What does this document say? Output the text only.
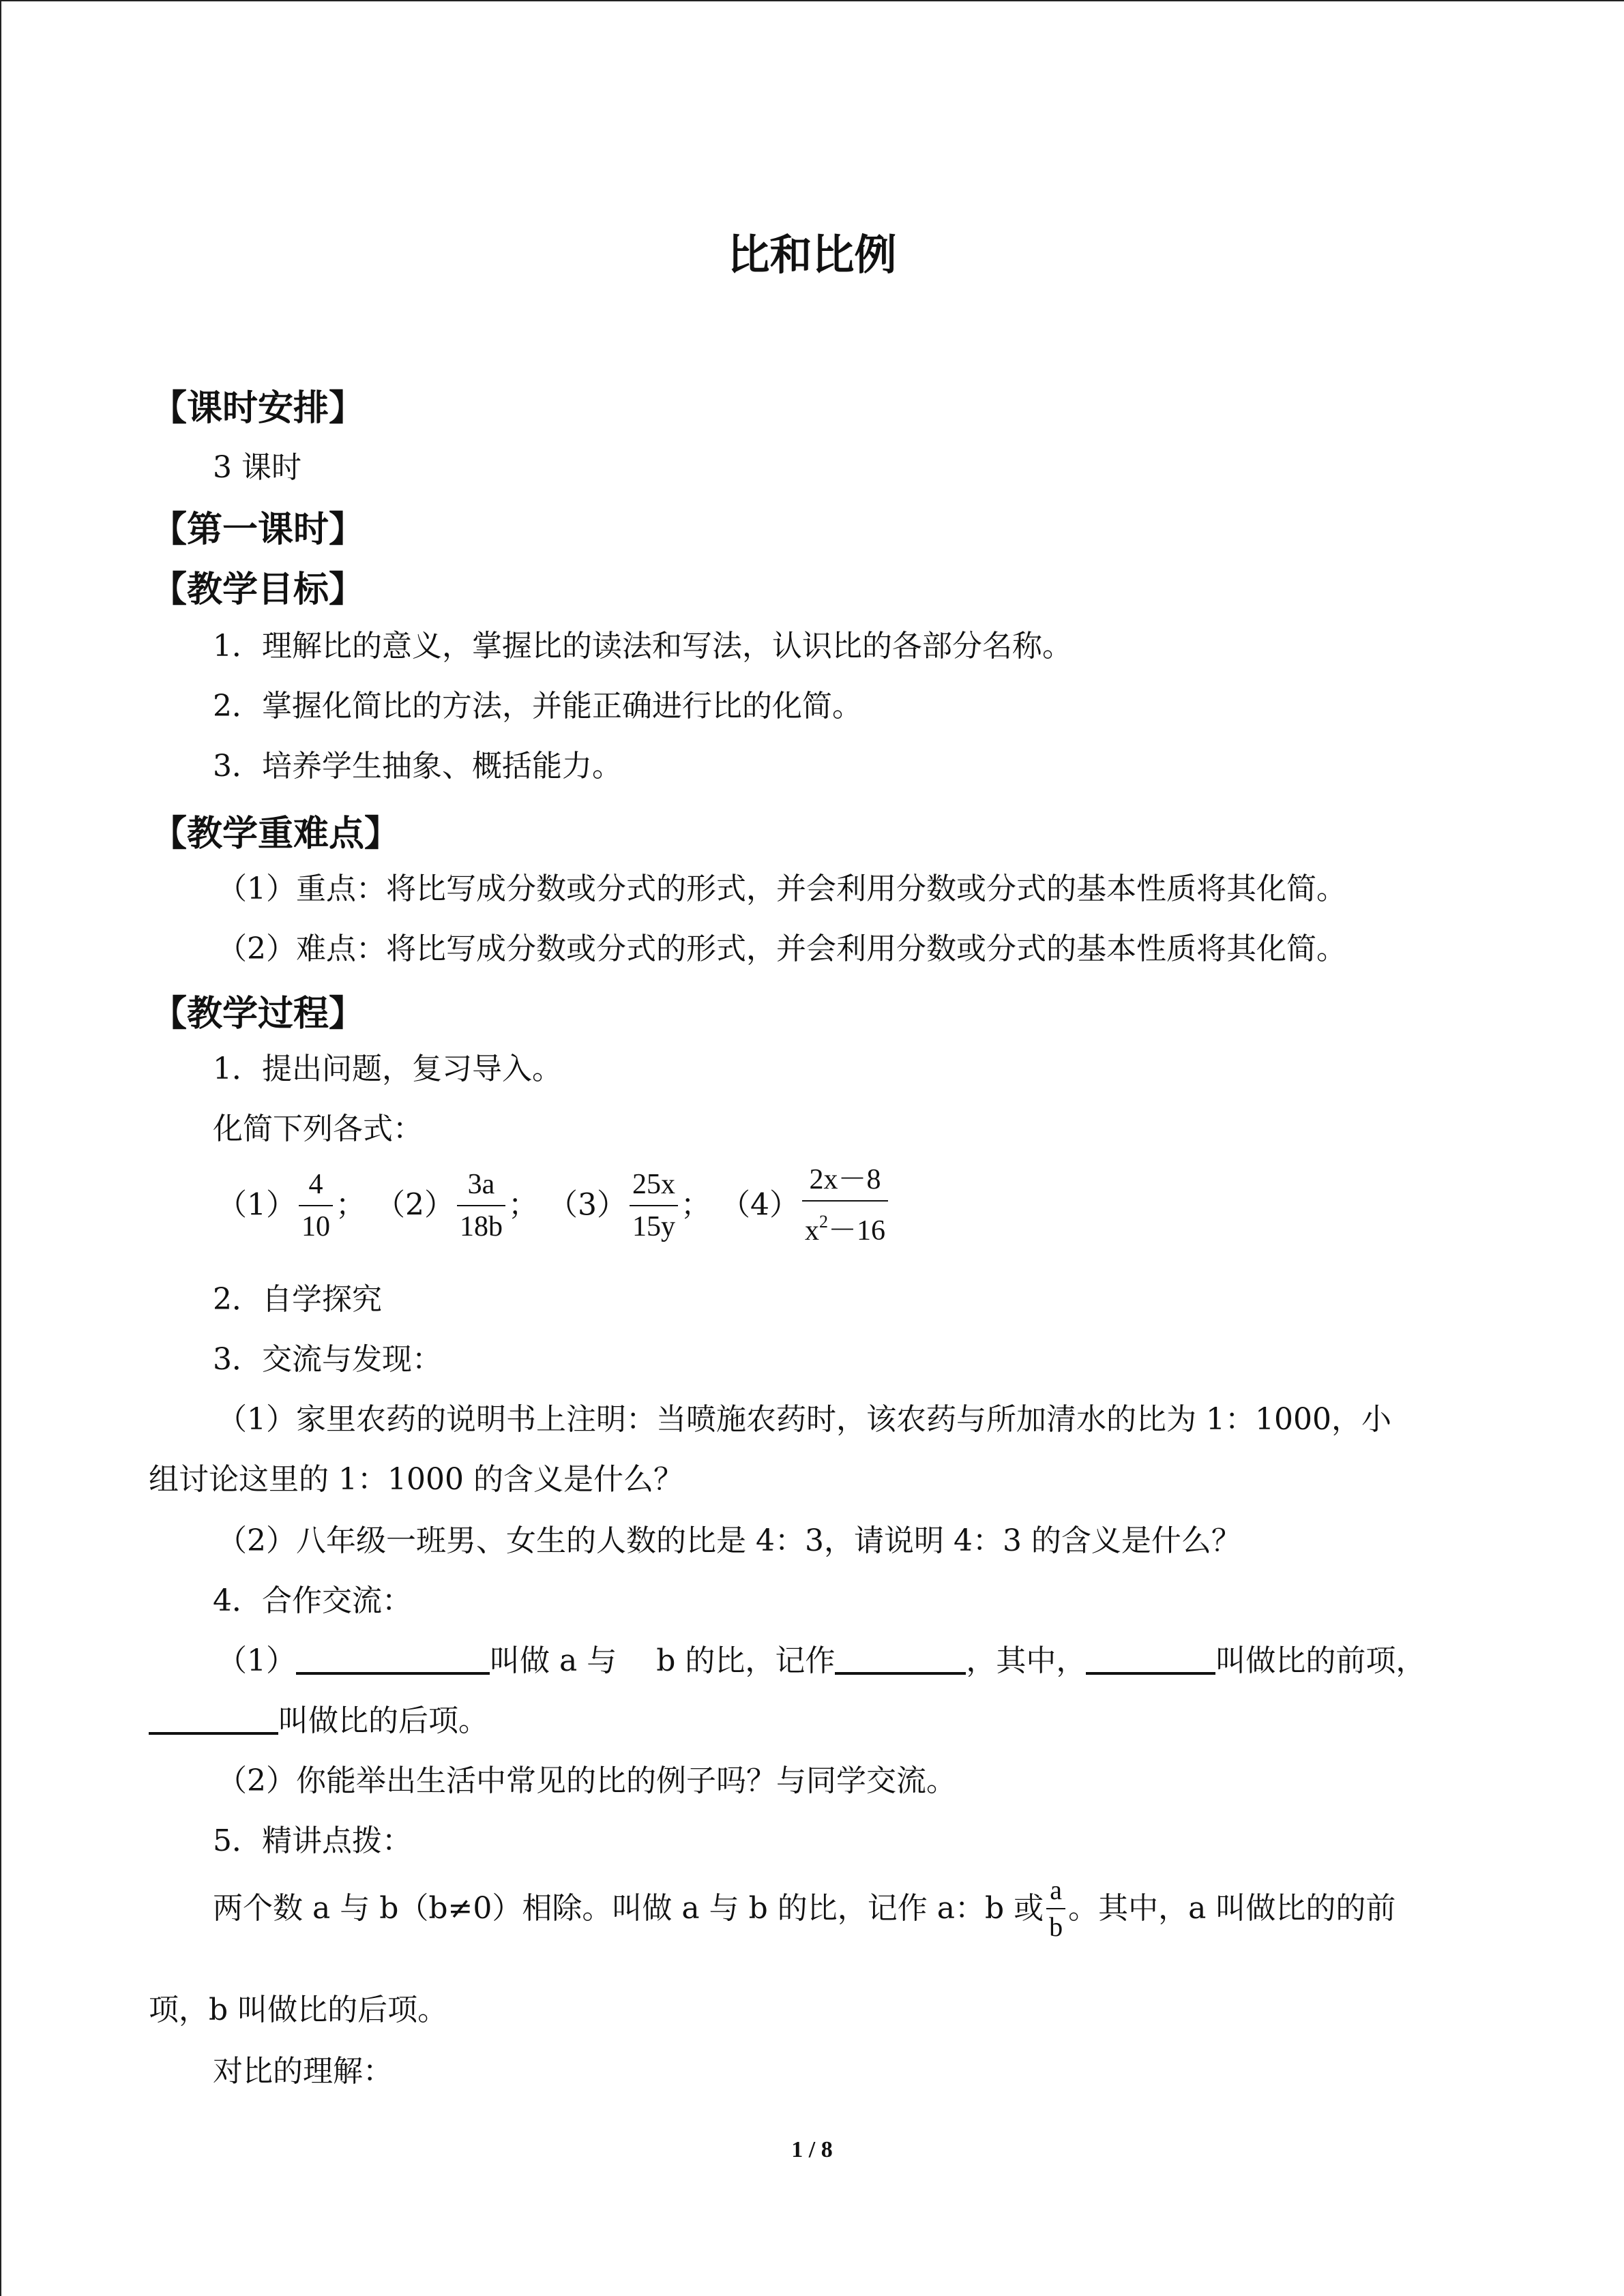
比和比例
【课时安排】
3 课时
【第一课时】
【教学目标】
1．理解比的意义，掌握比的读法和写法，认识比的各部分名称。
2．掌握化简比的方法，并能正确进行比的化简。
3．培养学生抽象、概括能力。
【教学重难点】
（1）重点：将比写成分数或分式的形式，并会利用分数或分式的基本性质将其化简。
（2）难点：将比写成分数或分式的形式，并会利用分数或分式的基本性质将其化简。
【教学过程】
1．提出问题，复习导入。
化简下列各式：
$(1) \frac{4}{10}$ ； $(2) \frac{3a}{18b}$ ； $(3) \frac{25x}{15y}$ ； $(4) \frac{2x-8}{x^2-16}$
2．自学探究
3．交流与发现：
（1）家里农药的说明书上注明：当喷施农药时，该农药与所加清水的比为 1：1000，小
组讨论这里的 1：1000 的含义是什么？
（2）八年级一班男、女生的人数的比是 4：3，请说明 4：3 的含义是什么？
4．合作交流：
（1）	叫做 a 与　 b 的比，记作	，其中，	叫做比的前项，
叫做比的后项。
（2）你能举出生活中常见的比的例子吗？与同学交流。
5．精讲点拨：
两个数 a 与 b（b≠0）相除。叫做 a 与 b 的比，记作 a：b 或 $\frac{a}{b}$ 。其中，a 叫做比的的前
项，b 叫做比的后项。
对比的理解：
1 / 8
